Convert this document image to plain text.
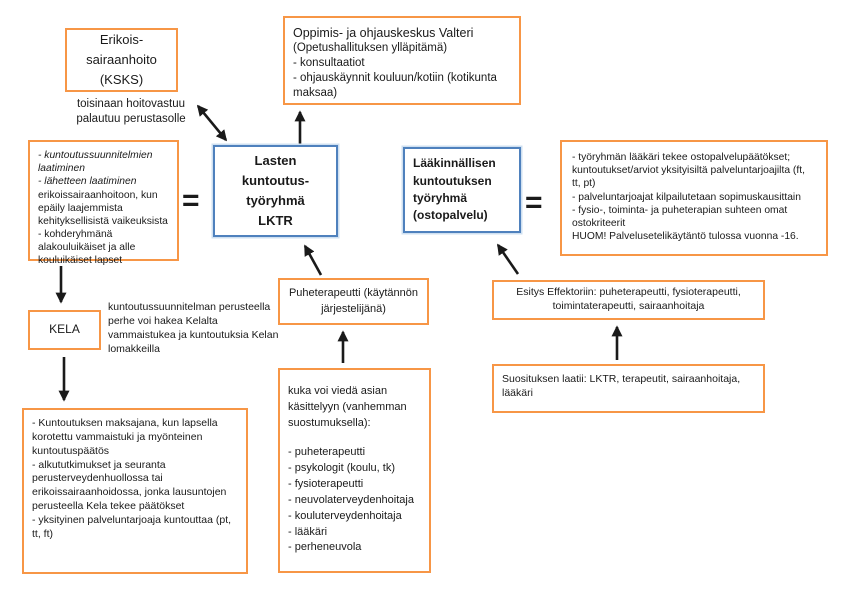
Erikois-
sairaanhoito
(KSKS)
toisinaan hoitovastuu palautuu perustasolle
Oppimis- ja ohjauskeskus Valteri
(Opetushallituksen ylläpitämä)
- konsultaatiot
- ohjauskäynnit kouluun/kotiin (kotikunta maksaa)
- kuntoutussuunnitelmien laatiminen
- lähetteen laatiminen
erikoissairaanhoitoon, kun epäily laajemmista kehityksellisistä vaikeuksista
- kohderyhmänä alakouluikäiset ja alle kouluikäiset lapset
=	=
Lasten
kuntoutus-
työryhmä
LKTR
Lääkinnällisen
kuntoutuksen
työryhmä
(ostopalvelu)
- työryhmän lääkäri tekee ostopalvelupäätökset; kuntoutukset/arviot yksityisiltä palveluntarjoajilta (ft, tt, pt)
- palveluntarjoajat kilpailutetaan sopimuskausittain
- fysio-, toiminta- ja puheterapian suhteen omat ostokriteerit
HUOM! Palvelusetelikäytäntö tulossa vuonna -16.
KELA
kuntoutussuunnitelman perusteella perhe voi hakea Kelalta vammaistukea ja kuntoutuksia Kelan lomakkeilla
- Kuntoutuksen maksajana, kun lapsella korotettu vammaistuki ja myönteinen kuntoutuspäätös
- alkututkimukset ja seuranta perusterveydenhuollossa tai erikoissairaanhoidossa, jonka lausuntojen perusteella Kela tekee päätökset
- yksityinen palveluntarjoaja kuntouttaa (pt, tt, ft)
Puheterapeutti (käytännön järjestelijänä)
kuka voi viedä asian käsittelyyn (vanhemman suostumuksella):
- puheterapeutti
- psykologit (koulu, tk)
- fysioterapeutti
- neuvolaterveydenhoitaja
- kouluterveydenhoitaja
- lääkäri
- perheneuvola
Esitys Effektoriin: puheterapeutti, fysioterapeutti, toimintaterapeutti, sairaanhoitaja
Suosituksen laatii: LKTR, terapeutit, sairaanhoitaja, lääkäri
